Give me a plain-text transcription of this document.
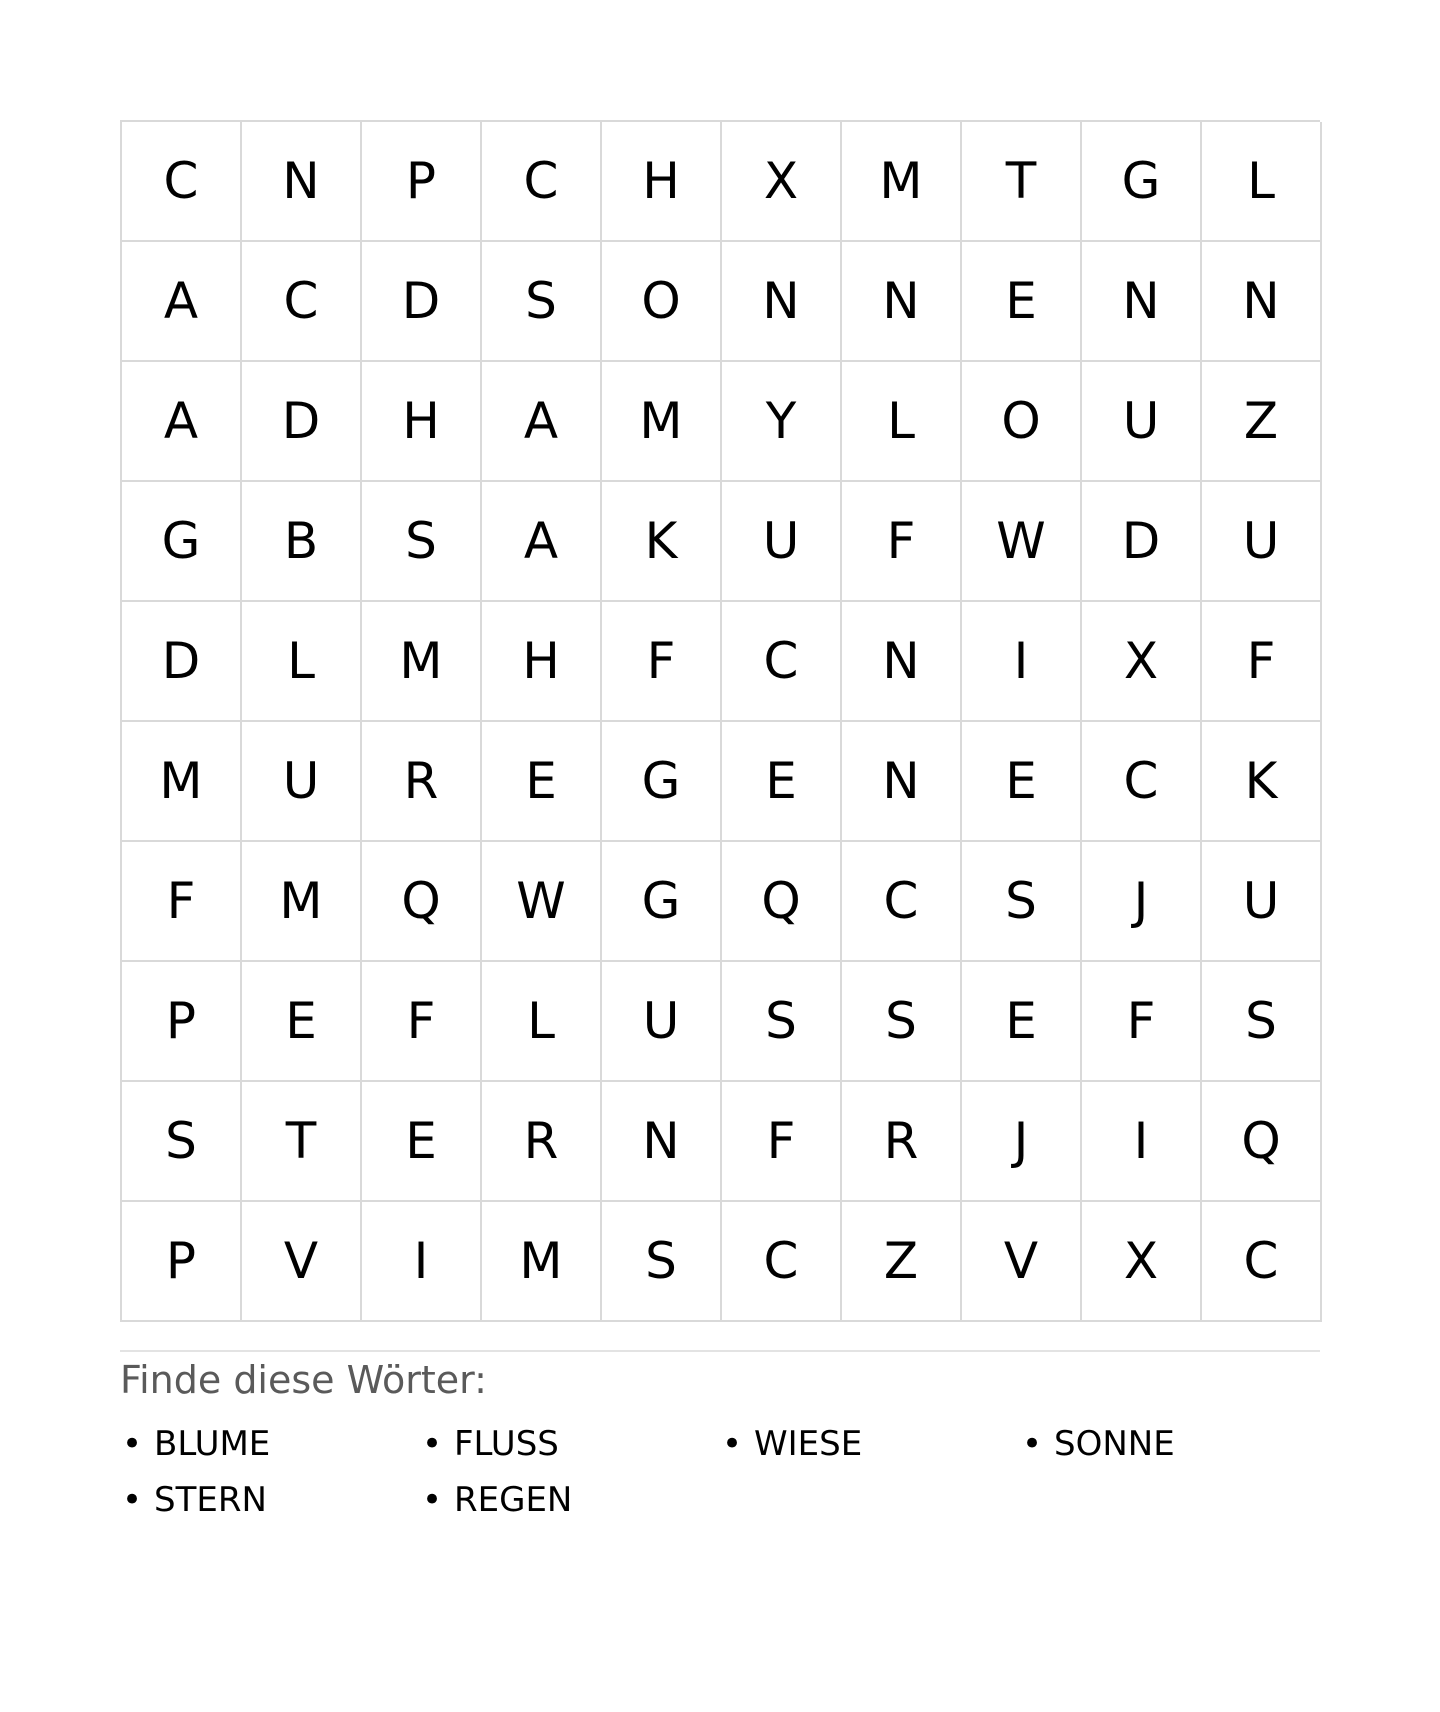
C	N	P	C	H	X	M	T	G	L
A	C	D	S	O	N	N	E	N	N
A	D	H	A	M	Y	L	O	U	Z
G	B	S	A	K	U	F	W	D	U
D	L	M	H	F	C	N	I	X	F
M	U	R	E	G	E	N	E	C	K
F	M	Q	W	G	Q	C	S	J	U
P	E	F	L	U	S	S	E	F	S
S	T	E	R	N	F	R	J	I	Q
P	V	I	M	S	C	Z	V	X	C
Finde diese Wörter:
• BLUME	• FLUSS	• WIESE	• SONNE
• STERN	• REGEN
